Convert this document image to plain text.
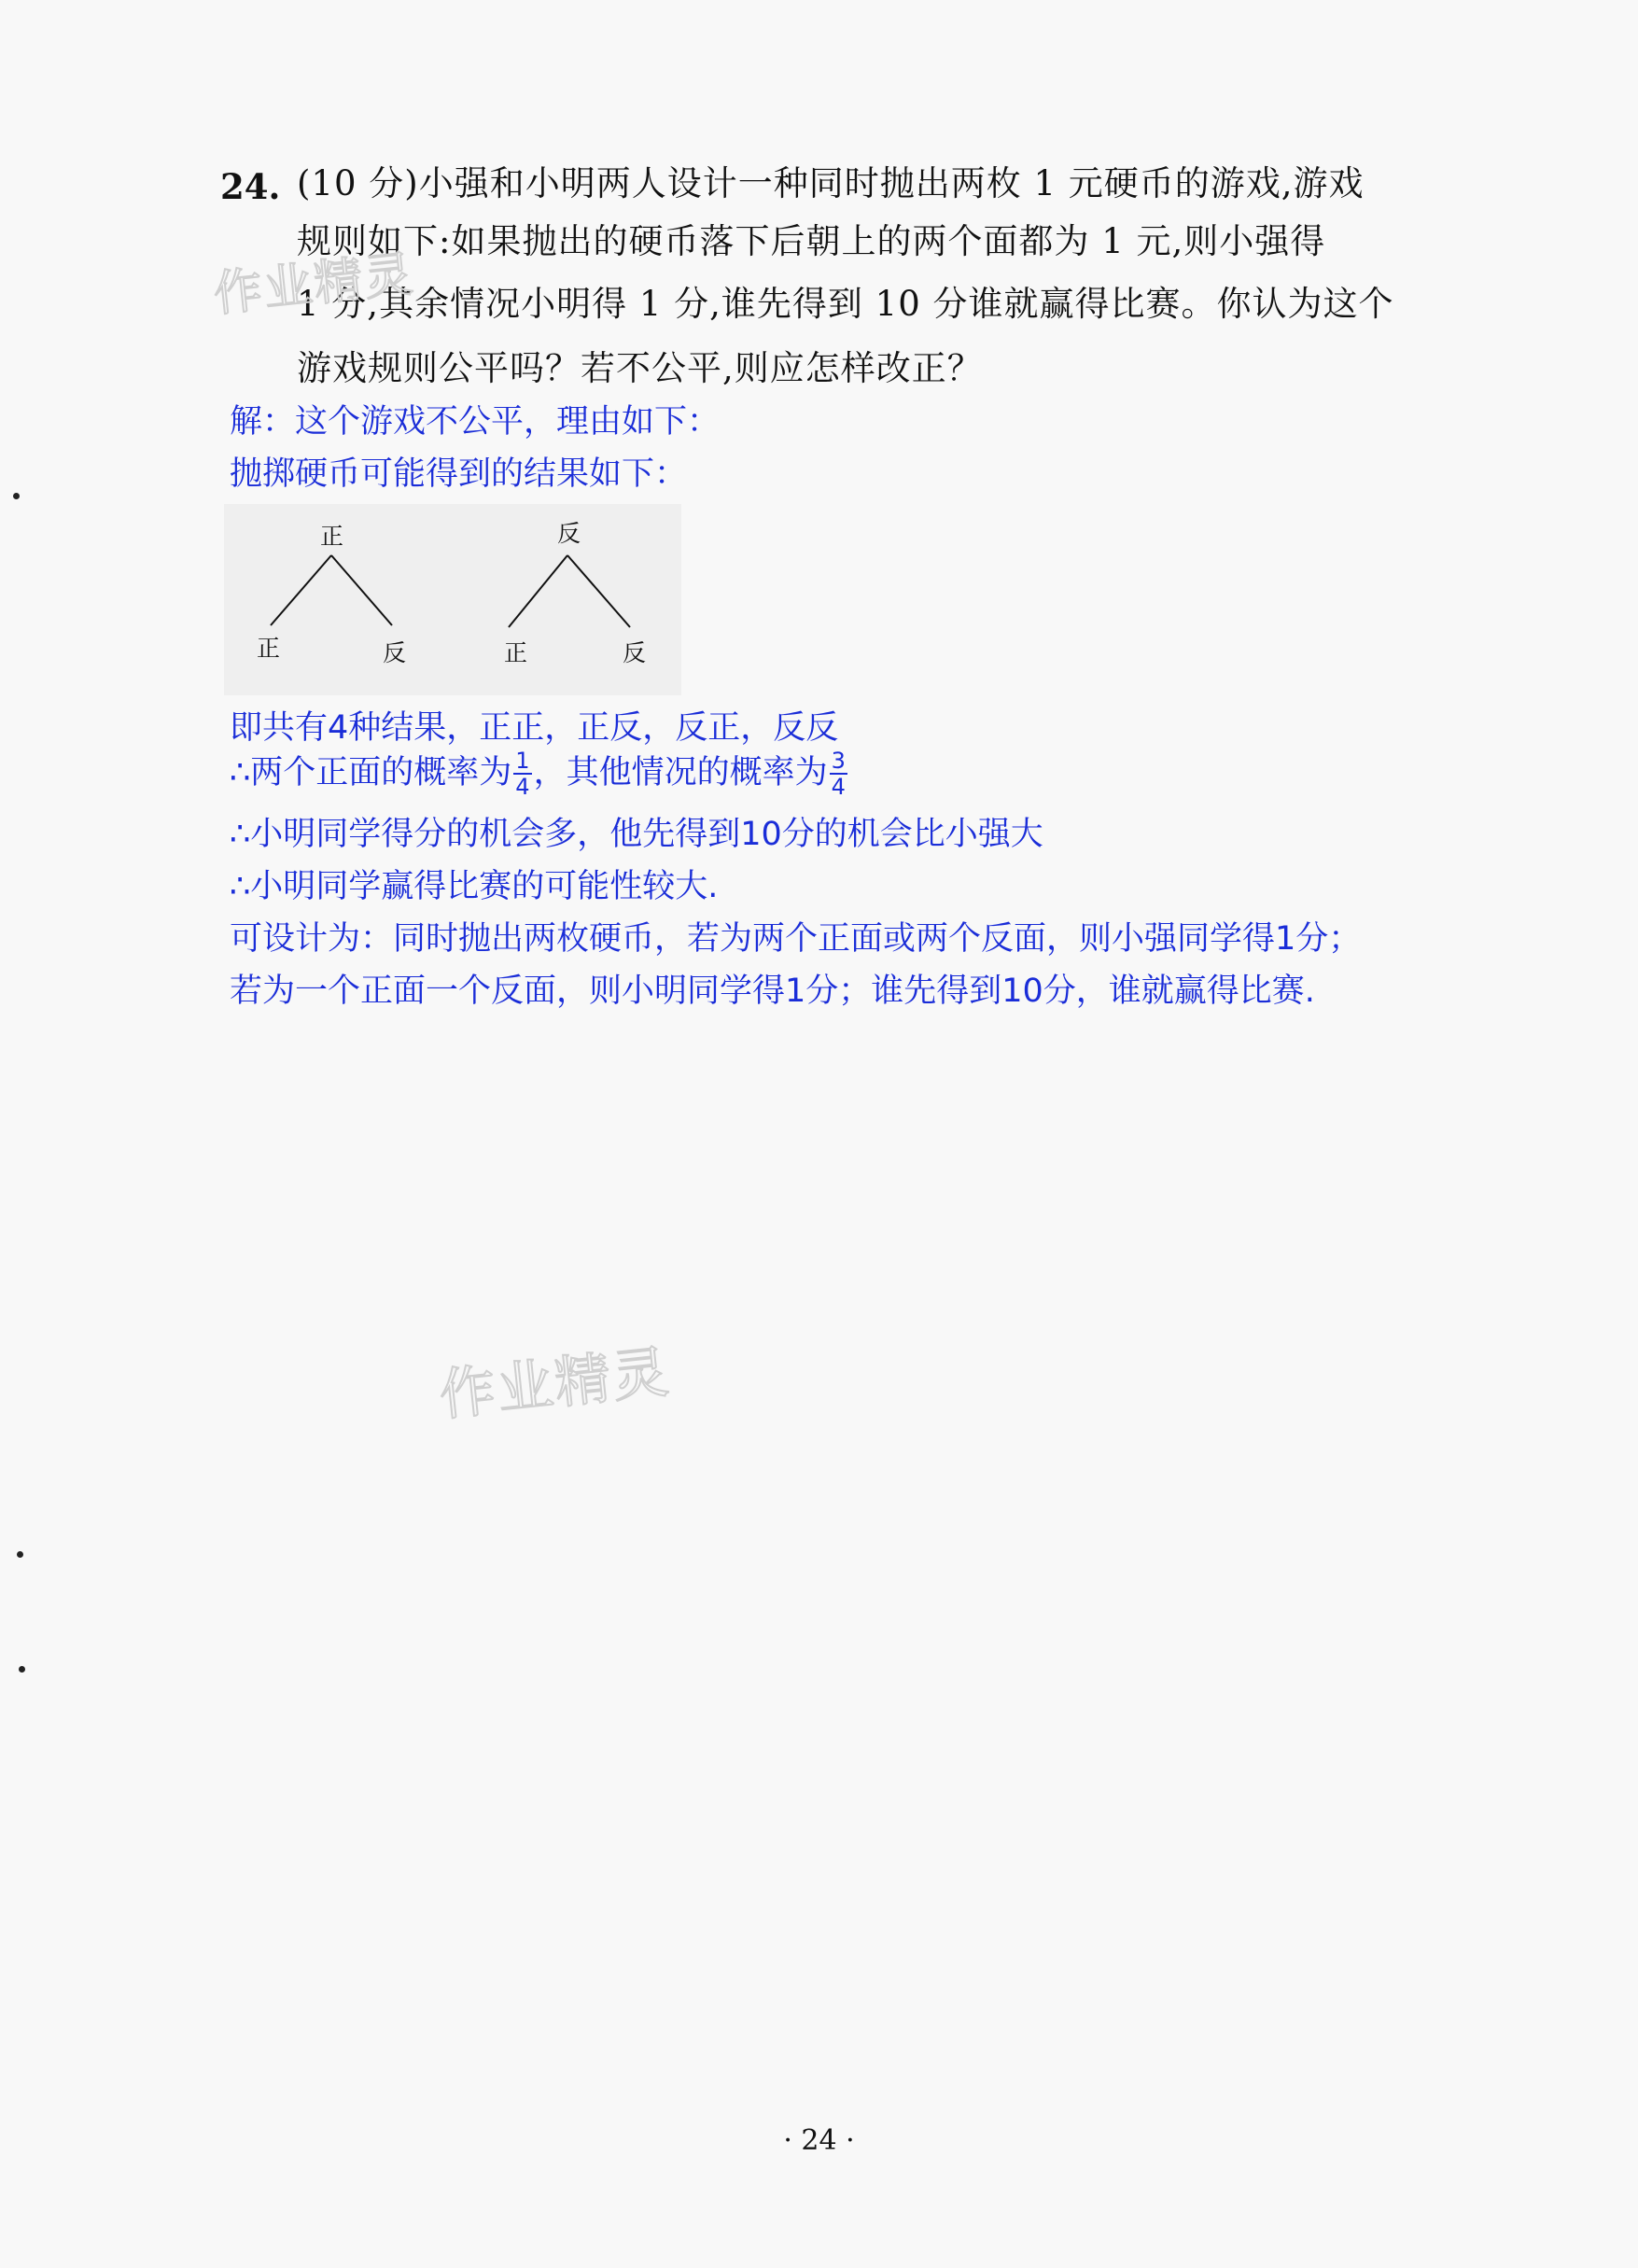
24. (10 分)小强和小明两人设计一种同时抛出两枚 1 元硬币的游戏,游戏
规则如下:如果抛出的硬币落下后朝上的两个面都为 1 元,则小强得
1 分,其余情况小明得 1 分,谁先得到 10 分谁就赢得比赛。你认为这个
游戏规则公平吗？若不公平,则应怎样改正？
解：这个游戏不公平，理由如下：
抛掷硬币可能得到的结果如下：
正
正	反
反
正	反
即共有4种结果，正正，正反，反正，反反
∴两个正面的概率为 $\frac{1}{4}$ ，其他情况的概率为 $\frac{3}{4}$
∴小明同学得分的机会多，他先得到10分的机会比小强大
∴小明同学赢得比赛的可能性较大.
可设计为：同时抛出两枚硬币，若为两个正面或两个反面，则小强同学得1分；
若为一个正面一个反面，则小明同学得1分；谁先得到10分，谁就赢得比赛.
作业精灵
作业精灵
· 24 ·
